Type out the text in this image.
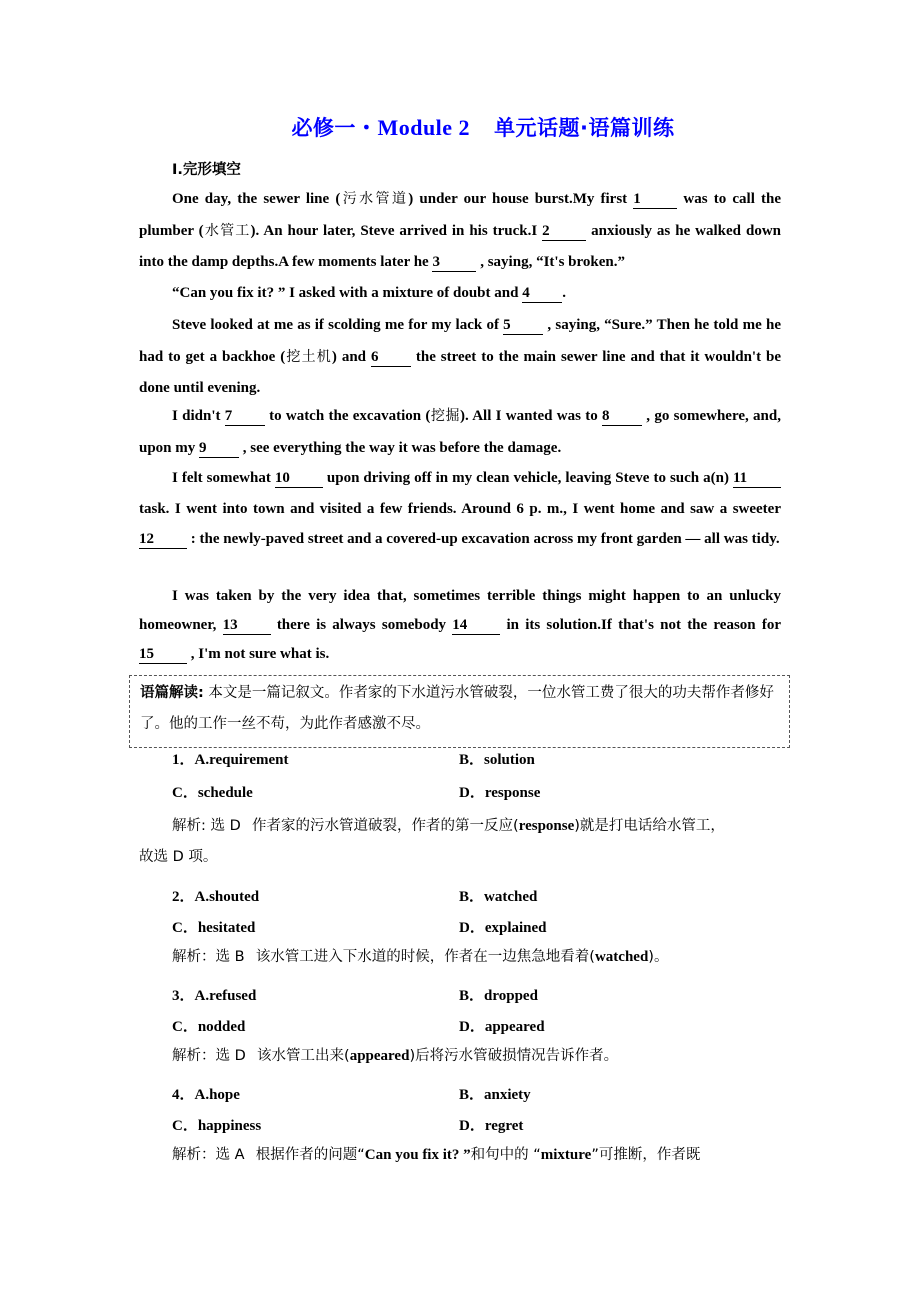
必修一・Module 2 单元话题·语篇训练
Ⅰ.完形填空
One day, the sewer line (污水管道) under our house burst.My first 1 was to call the plumber (水管工). An hour later, Steve arrived in his truck.I 2 anxiously as he walked down into the damp depths.A few moments later he 3 , saying, “It's broken.”
“Can you fix it? ” I asked with a mixture of doubt and 4 .
Steve looked at me as if scolding me for my lack of 5 , saying, “Sure.” Then he told me he had to get a backhoe (挖土机) and 6 the street to the main sewer line and that it wouldn't be done until evening.
I didn't 7 to watch the excavation (挖掘). All I wanted was to 8 , go somewhere, and, upon my 9 , see everything the way it was before the damage.
I felt somewhat 10 upon driving off in my clean vehicle, leaving Steve to such a(n) 11 task. I went into town and visited a few friends. Around 6 p. m., I went home and saw a sweeter 12 : the newly-paved street and a covered-up excavation across my front garden — all was tidy.
I was taken by the very idea that, sometimes terrible things might happen to an unlucky homeowner, 13 there is always somebody 14 in its solution.If that's not the reason for 15 , I'm not sure what is.
语篇解读: 本文是一篇记叙文。作者家的下水道污水管破裂，一位水管工费了很大的功夫帮作者修好了。他的工作一丝不苟，为此作者感激不尽。
1．A.requirement	B．solution
C．schedule	D．response
解析: 选 D 作者家的污水管道破裂，作者的第一反应(response)就是打电话给水管工，
故选 D 项。
2．A.shouted	B．watched
C．hesitated	D．explained
解析：选 B 该水管工进入下水道的时候，作者在一边焦急地看着(watched)。
3．A.refused	B．dropped
C．nodded	D．appeared
解析：选 D 该水管工出来(appeared)后将污水管破损情况告诉作者。
4．A.hope	B．anxiety
C．happiness	D．regret
解析：选 A 根据作者的问题“Can you fix it? ”和句中的 “mixture”可推断，作者既
